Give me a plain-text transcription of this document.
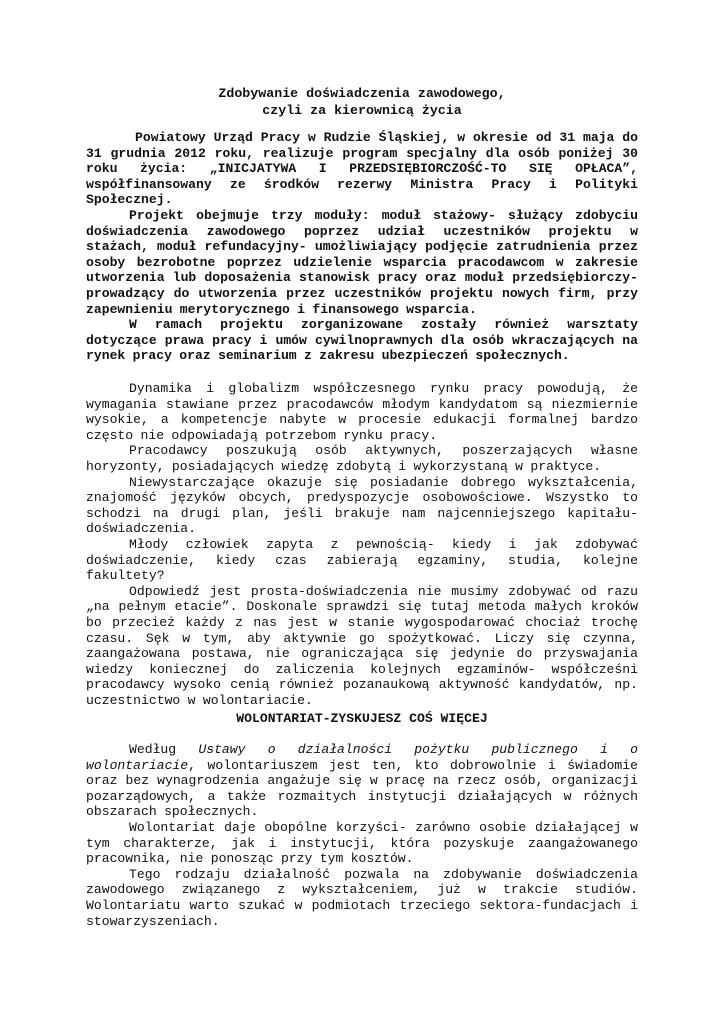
Zdobywanie doświadczenia zawodowego,
czyli za kierownicą życia

Powiatowy Urząd Pracy w Rudzie Śląskiej, w okresie od 31 maja do 31 grudnia 2012 roku, realizuje program specjalny dla osób poniżej 30 roku życia: „INICJATYWA I PRZEDSIĘBIORCZOŚĆ-TO SIĘ OPŁACA”, współfinansowany ze środków rezerwy Ministra Pracy i Polityki Społecznej.

Projekt obejmuje trzy moduły: moduł stażowy- służący zdobyciu doświadczenia zawodowego poprzez udział uczestników projektu w stażach, moduł refundacyjny- umożliwiający podjęcie zatrudnienia przez osoby bezrobotne poprzez udzielenie wsparcia pracodawcom w zakresie utworzenia lub doposażenia stanowisk pracy oraz moduł przedsiębiorczy- prowadzący do utworzenia przez uczestników projektu nowych firm, przy zapewnieniu merytorycznego i finansowego wsparcia.

W ramach projektu zorganizowane zostały również warsztaty dotyczące prawa pracy i umów cywilnoprawnych dla osób wkraczających na rynek pracy oraz seminarium z zakresu ubezpieczeń społecznych.

Dynamika i globalizm współczesnego rynku pracy powodują, że wymagania stawiane przez pracodawców młodym kandydatom są niezmiernie wysokie, a kompetencje nabyte w procesie edukacji formalnej bardzo często nie odpowiadają potrzebom rynku pracy.

Pracodawcy poszukują osób aktywnych, poszerzających własne horyzonty, posiadających wiedzę zdobytą i wykorzystaną w praktyce.

Niewystarczające okazuje się posiadanie dobrego wykształcenia, znajomość języków obcych, predyspozycje osobowościowe. Wszystko to schodzi na drugi plan, jeśli brakuje nam najcenniejszego kapitału- doświadczenia.

Młody człowiek zapyta z pewnością- kiedy i jak zdobywać doświadczenie, kiedy czas zabierają egzaminy, studia, kolejne fakultety?

Odpowiedź jest prosta-doświadczenia nie musimy zdobywać od razu „na pełnym etacie”. Doskonale sprawdzi się tutaj metoda małych kroków bo przecież każdy z nas jest w stanie wygospodarować chociaż trochę czasu. Sęk w tym, aby aktywnie go spożytkować. Liczy się czynna, zaangażowana postawa, nie ograniczająca się jedynie do przyswajania wiedzy koniecznej do zaliczenia kolejnych egzaminów- współcześni pracodawcy wysoko cenią również pozanaukową aktywność kandydatów, np. uczestnictwo w wolontariacie.

WOLONTARIAT-ZYSKUJESZ COŚ WIĘCEJ

Według Ustawy o działalności pożytku publicznego i o wolontariacie, wolontariuszem jest ten, kto dobrowolnie i świadomie oraz bez wynagrodzenia angażuje się w pracę na rzecz osób, organizacji pozarządowych, a także rozmaitych instytucji działających w różnych obszarach społecznych.

Wolontariat daje obopólne korzyści- zarówno osobie działającej w tym charakterze, jak i instytucji, która pozyskuje zaangażowanego pracownika, nie ponosząc przy tym kosztów.

Tego rodzaju działalność pozwala na zdobywanie doświadczenia zawodowego związanego z wykształceniem, już w trakcie studiów. Wolontariatu warto szukać w podmiotach trzeciego sektora-fundacjach i stowarzyszeniach.
